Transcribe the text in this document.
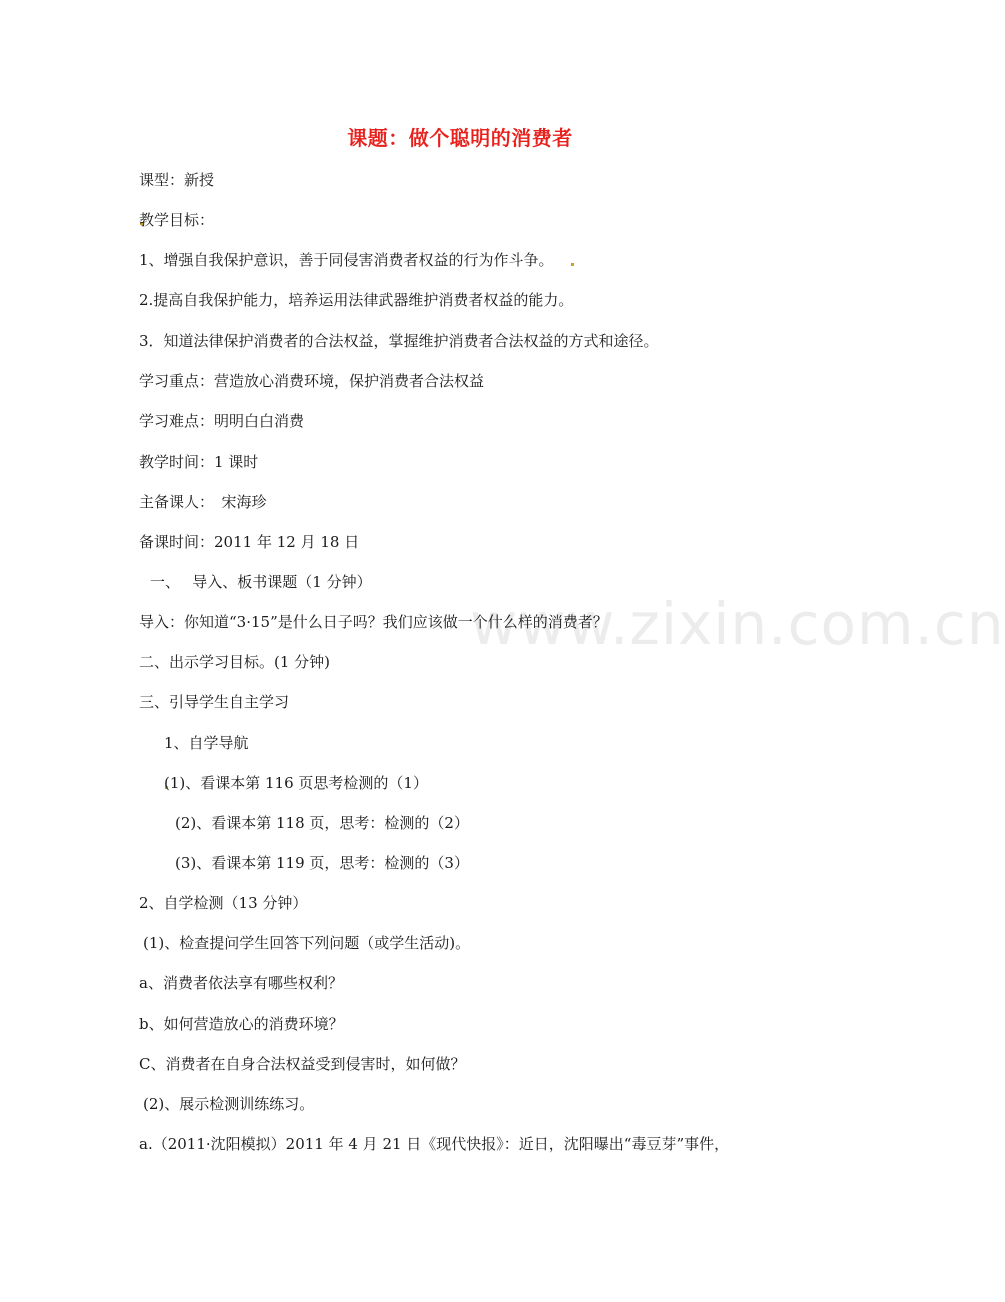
www.zixin.com.cn
课题：做个聪明的消费者
课型：新授
教学目标：
1、增强自我保护意识，善于同侵害消费者权益的行为作斗争。
2.提高自我保护能力，培养运用法律武器维护消费者权益的能力。
3．知道法律保护消费者的合法权益，掌握维护消费者合法权益的方式和途径。
学习重点：营造放心消费环境，保护消费者合法权益
学习难点：明明白白消费
教学时间：1 课时
主备课人：　宋海珍
备课时间：2011 年 12 月 18 日
一、　 导入、板书课题（1 分钟）
导入：你知道“3·15”是什么日子吗？我们应该做一个什么样的消费者？
二、出示学习目标。(1 分钟)
三、引导学生自主学习
1、自学导航
(1)、看课本第 116 页思考检测的（1）
(2)、看课本第 118 页，思考：检测的（2）
(3)、看课本第 119 页，思考：检测的（3）
2、自学检测（13 分钟）
(1)、检查提问学生回答下列问题（或学生活动)。
a、消费者依法享有哪些权利？
b、如何营造放心的消费环境？
C、消费者在自身合法权益受到侵害时，如何做？
(2)、展示检测训练练习。
a.（2011·沈阳模拟）2011 年 4 月 21 日《现代快报》：近日，沈阳曝出“毒豆芽”事件，
